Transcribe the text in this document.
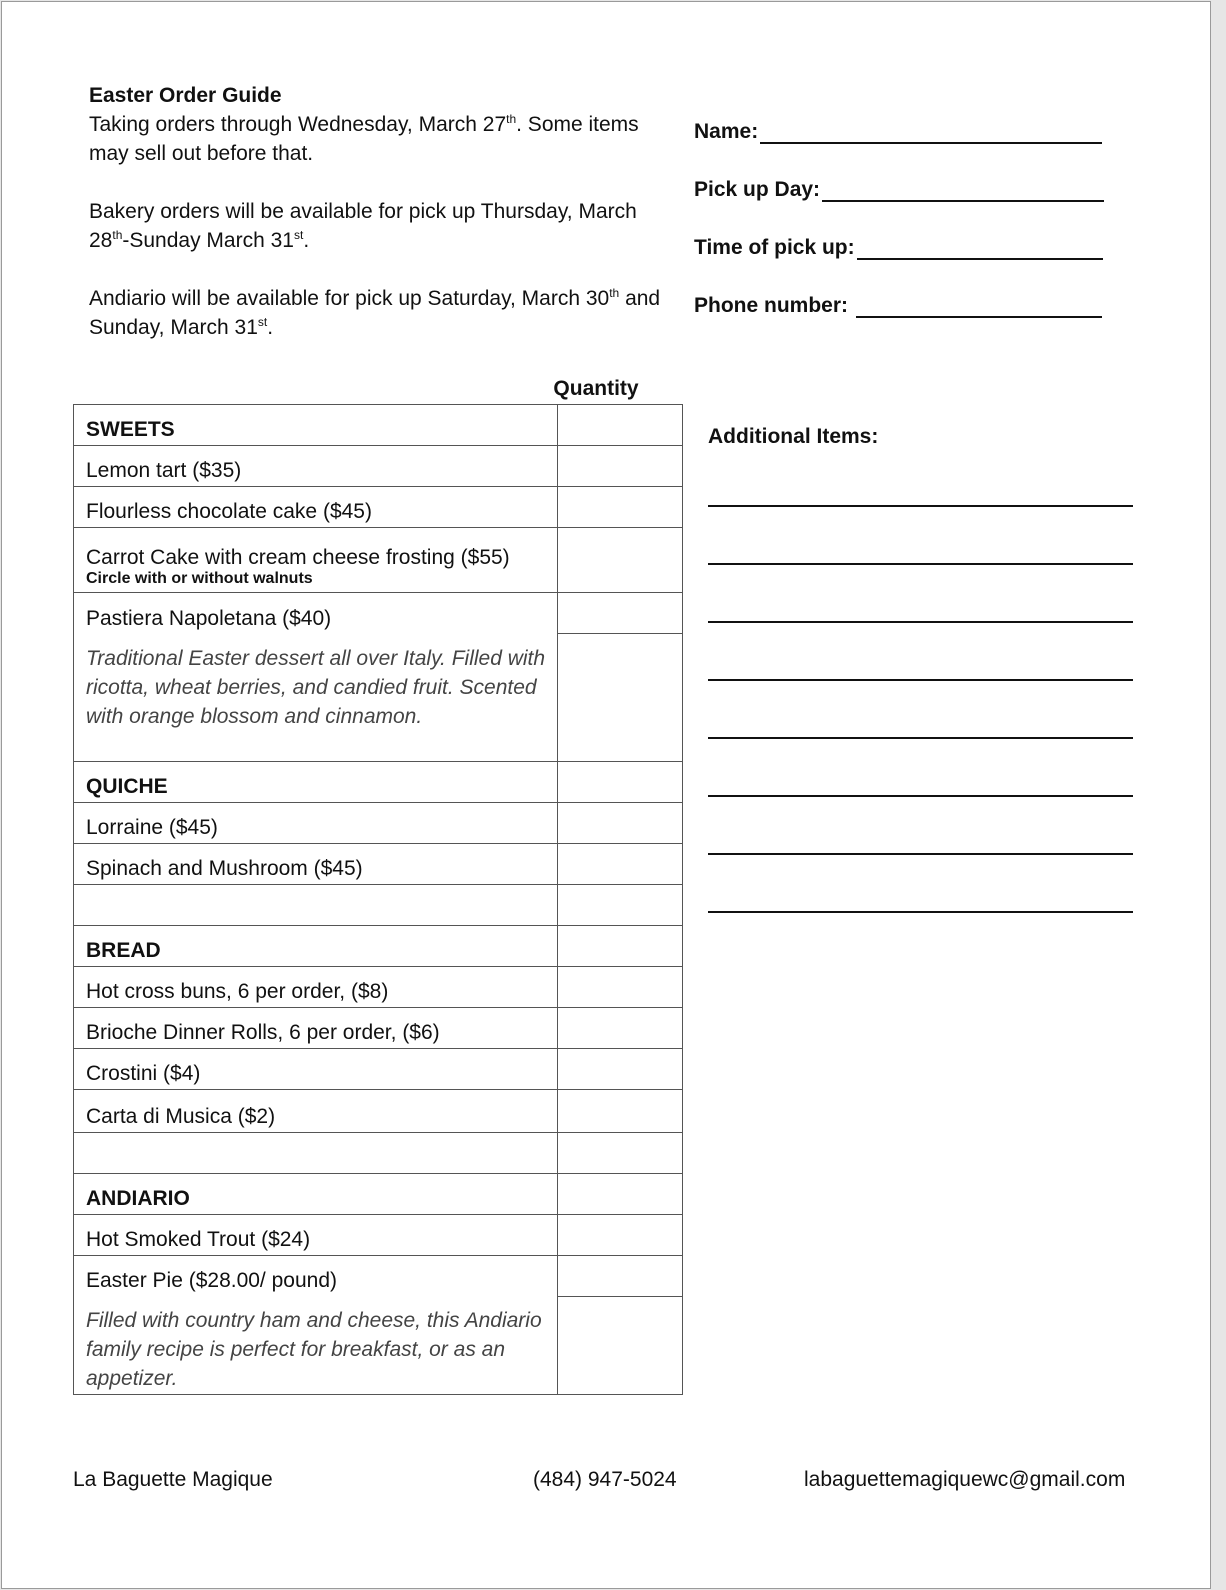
Easter Order Guide

Taking orders through Wednesday, March 27th. Some items may sell out before that.

Bakery orders will be available for pick up Thursday, March 28th-Sunday March 31st.

Andiario will be available for pick up Saturday, March 30th and Sunday, March 31st.

Name:
Pick up Day:
Time of pick up:
Phone number:
Quantity
SWEETS	

Lemon tart ($35)	

Flourless chocolate cake ($45)	

Carrot Cake with cream cheese frosting ($55)
Circle with or without walnuts	

Pastiera Napoletana ($40)	

Traditional Easter dessert all over Italy. Filled with ricotta, wheat berries, and candied fruit. Scented with orange blossom and cinnamon.	

QUICHE	

Lorraine ($45)	

Spinach and Mushroom ($45)	

BREAD	

Hot cross buns, 6 per order, ($8)	

Brioche Dinner Rolls, 6 per order, ($6)	

Crostini ($4)	

Carta di Musica ($2)	

ANDIARIO	

Hot Smoked Trout ($24)	

Easter Pie ($28.00/ pound)	

Filled with country ham and cheese, this Andiario family recipe is perfect for breakfast, or as an appetizer.	

Additional Items:
La Baguette Magique	(484) 947-5024	labaguettemagiquewc@gmail.com
